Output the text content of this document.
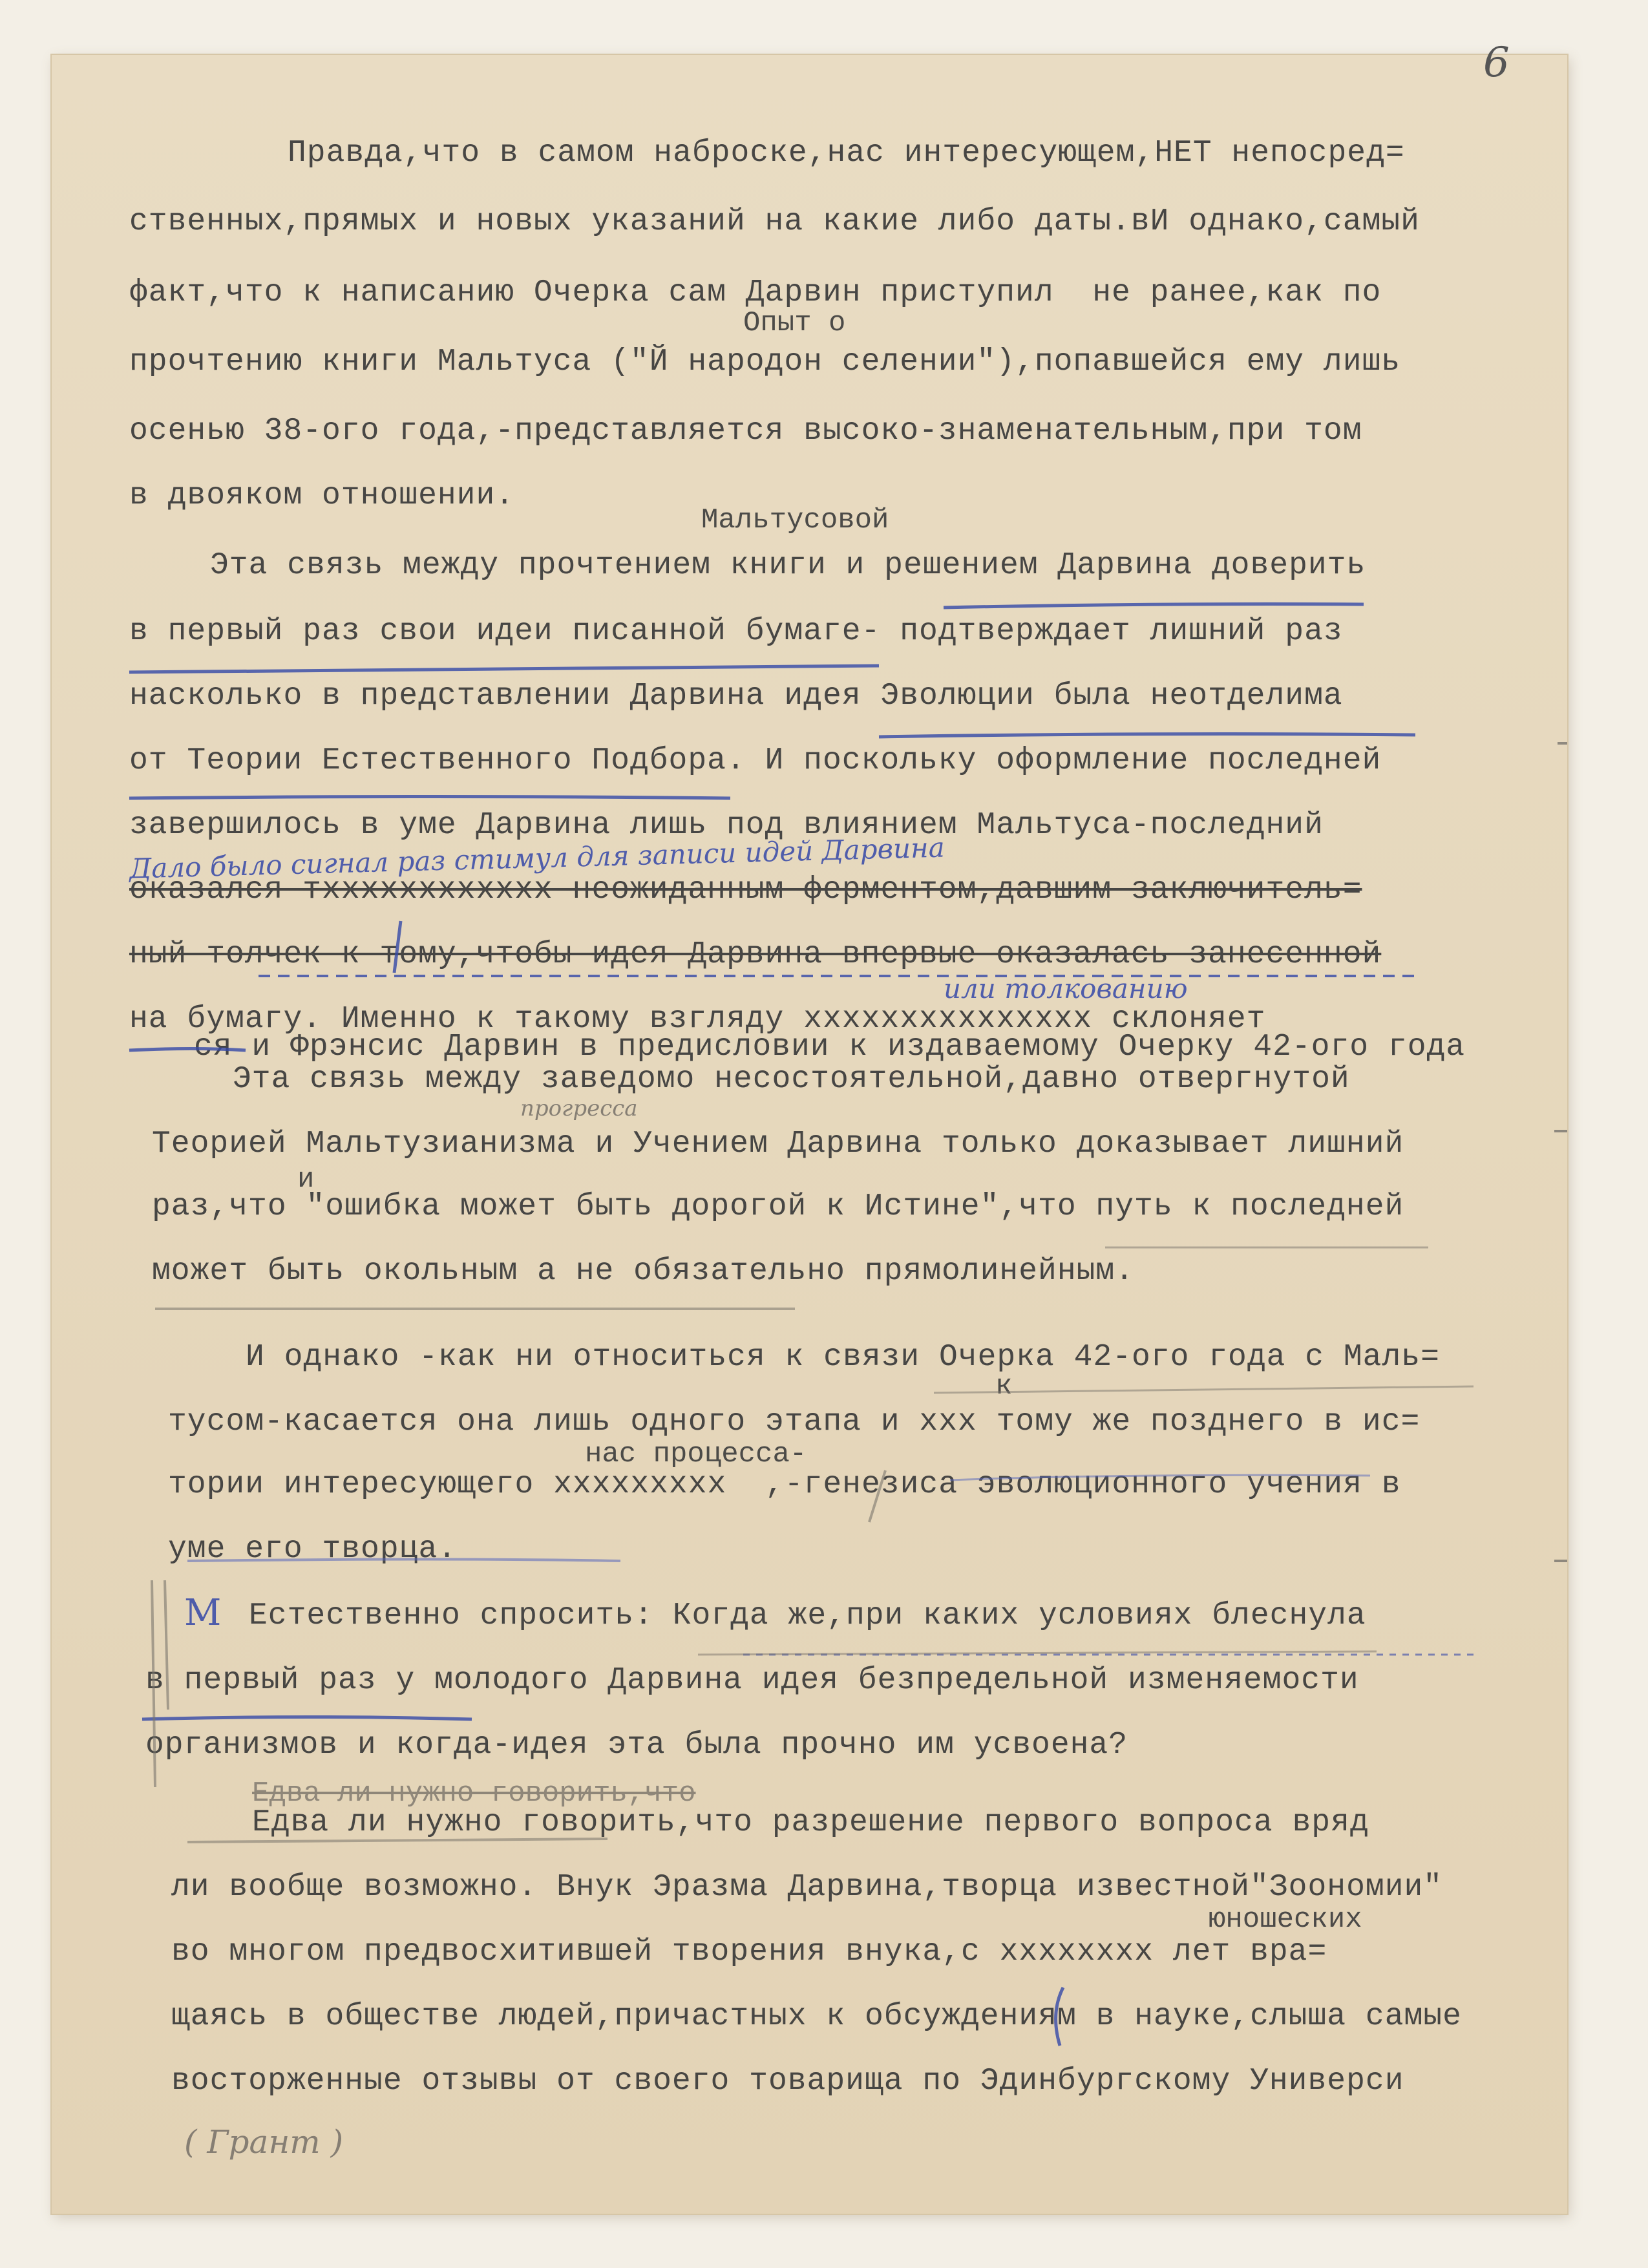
6
Правда,что в самом наброске,нас интересующем,НЕТ непосред=
ственных,прямых и новых указаний на какие либо даты.вИ однако,самый
факт,что к написанию Очерка сам Дарвин приступил  не ранее,как по
Опыт о
прочтению книги Мальтуса ("Й народон селении"),попавшейся ему лишь
осенью 38-ого года,-представляется высоко-знаменательным,при том
в двояком отношении.
Мальтусовой
Эта связь между прочтением книги и решением Дарвина доверить
в первый раз свои идеи писанной бумаге- подтверждает лишний раз
насколько в представлении Дарвина идея Эволюции была неотделима
от Теории Естественного Подбора. И поскольку оформление последней
завершилось в уме Дарвина лишь под влиянием Мальтуса-последний
Дало было сигнал раз стимул для записи идей Дарвина
оказался тхххххххххххх неожиданным ферментом,давшим заключитель=
ный толчек к тому,чтобы идея Дарвина впервые оказалась занесенной
или толкованию
на бумагу. Именно к такому взгляду ххххххххххххххх склоняет
ся и Фрэнсис Дарвин в предисловии к издаваемому Очерку 42-ого года
Эта связь между заведомо несостоятельной,давно отвергнутой
прогресса
Теорией Мальтузианизма и Учением Дарвина только доказывает лишний
и
раз,что "ошибка может быть дорогой к Истине",что путь к последней
может быть окольным а не обязательно прямолинейным.
И однако -как ни относиться к связи Очерка 42-ого года с Маль=
к
тусом-касается она лишь одного этапа и ххх тому же позднего в ис=
нас процесса-
тории интересующего ххххххххх  ,-генезиса эволюционного учения в
уме его творца.
M Естественно спросить: Когда же,при каких условиях блеснула
в первый раз у молодого Дарвина идея безпредельной изменяемости
организмов и когда-идея эта была прочно им усвоена?
Едва ли нужно говорить,что
Едва ли нужно говорить,что разрешение первого вопроса вряд
ли вообще возможно. Внук Эразма Дарвина,творца известной"Зоономии"
юношеских
во многом предвосхитившей творения внука,с хххххххх лет вра=
щаясь в обществе людей,причастных к обсуждениям в науке,слыша самые
восторженные отзывы от своего товарища по Эдинбургскому Универси
( Грант )
